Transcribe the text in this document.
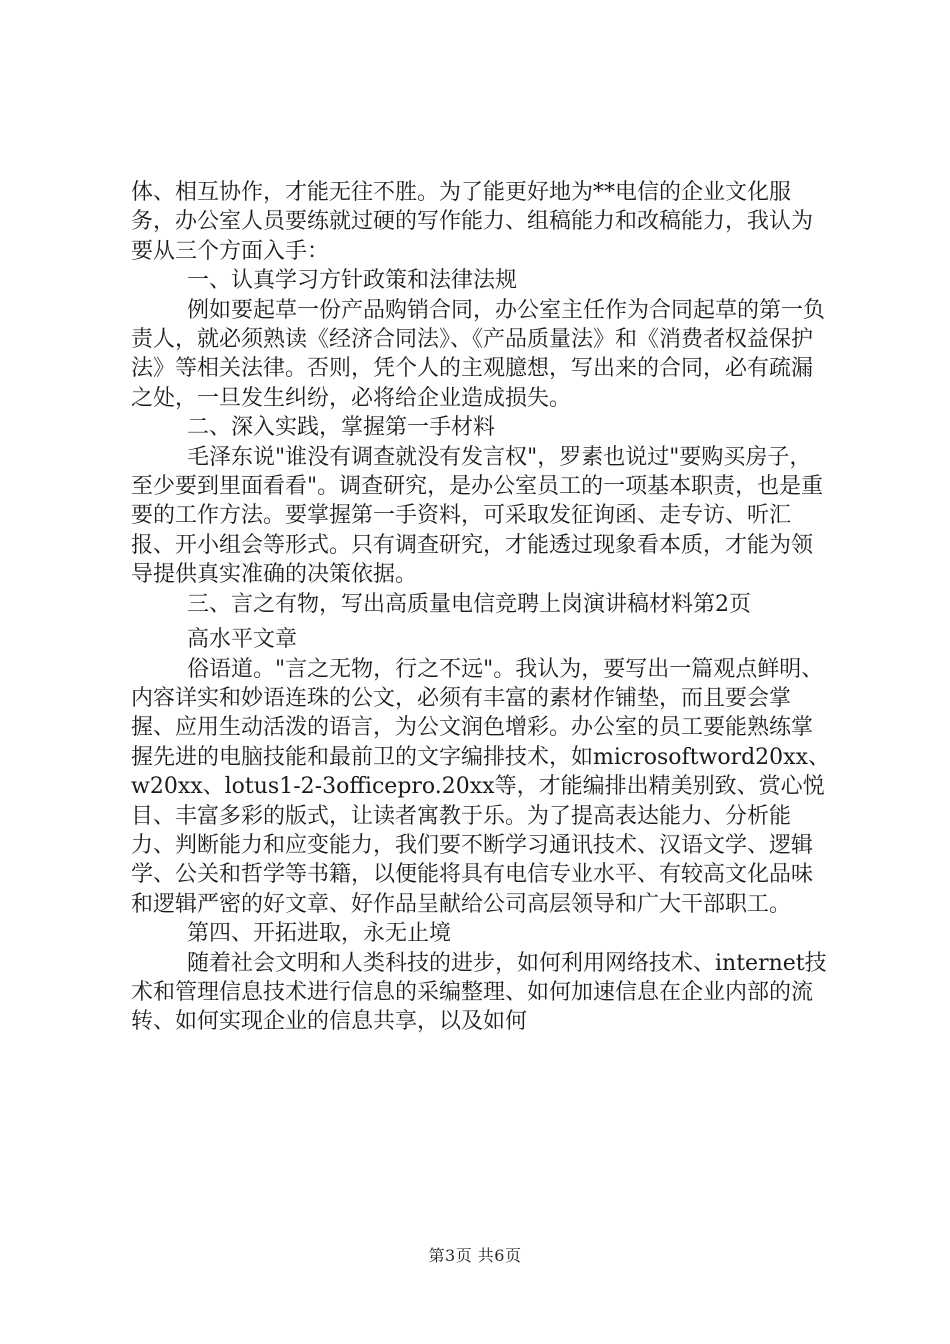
体、相互协作，才能无往不胜。为了能更好地为**电信的企业文化服务，办公室人员要练就过硬的写作能力、组稿能力和改稿能力，我认为要从三个方面入手：

一、认真学习方针政策和法律法规

例如要起草一份产品购销合同，办公室主任作为合同起草的第一负责人，就必须熟读《经济合同法》、《产品质量法》和《消费者权益保护法》等相关法律。否则，凭个人的主观臆想，写出来的合同，必有疏漏之处，一旦发生纠纷，必将给企业造成损失。

二、深入实践，掌握第一手材料

毛泽东说"谁没有调查就没有发言权"，罗素也说过"要购买房子，至少要到里面看看"。调查研究，是办公室员工的一项基本职责，也是重要的工作方法。要掌握第一手资料，可采取发征询函、走专访、听汇报、开小组会等形式。只有调查研究，才能透过现象看本质，才能为领导提供真实准确的决策依据。

三、言之有物，写出高质量电信竞聘上岗演讲稿材料第2页

高水平文章

俗语道。"言之无物，行之不远"。我认为，要写出一篇观点鲜明、内容详实和妙语连珠的公文，必须有丰富的素材作铺垫，而且要会掌握、应用生动活泼的语言，为公文润色增彩。办公室的员工要能熟练掌握先进的电脑技能和最前卫的文字编排技术，如microsoftword20xx、w20xx、lotus1-2-3officepro.20xx等，才能编排出精美别致、赏心悦目、丰富多彩的版式，让读者寓教于乐。为了提高表达能力、分析能力、判断能力和应变能力，我们要不断学习通讯技术、汉语文学、逻辑学、公关和哲学等书籍，以便能将具有电信专业水平、有较高文化品味和逻辑严密的好文章、好作品呈献给公司高层领导和广大干部职工。

第四、开拓进取，永无止境

随着社会文明和人类科技的进步，如何利用网络技术、internet技术和管理信息技术进行信息的采编整理、如何加速信息在企业内部的流转、如何实现企业的信息共享，以及如何

第3页 共6页
